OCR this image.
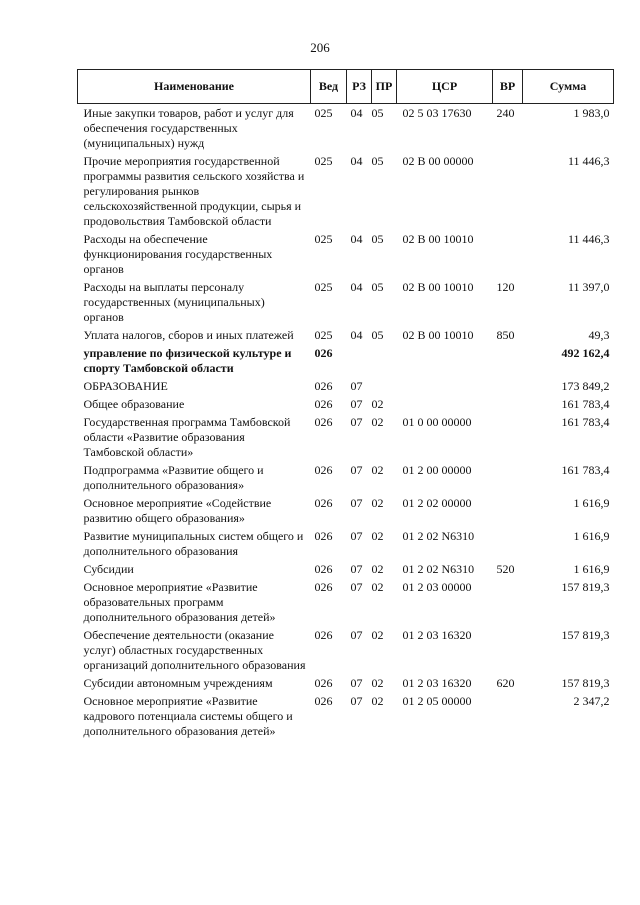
206
Наименование	Вед	РЗ	ПР	ЦСР	ВР	Сумма
Иные закупки товаров, работ и услуг для обеспечения государственных (муниципальных) нужд	025	04	05	02 5 03 17630	240	1 983,0
Прочие мероприятия государственной программы развития сельского хозяйства и регулирования рынков сельскохозяйственной продукции, сырья и продовольствия Тамбовской области	025	04	05	02 В 00 00000		11 446,3
Расходы на обеспечение функционирования государственных органов	025	04	05	02 В 00 10010		11 446,3
Расходы на выплаты персоналу государственных (муниципальных) органов	025	04	05	02 В 00 10010	120	11 397,0
Уплата налогов, сборов и иных платежей	025	04	05	02 В 00 10010	850	49,3
управление по физической культуре и спорту Тамбовской области	026					492 162,4
ОБРАЗОВАНИЕ	026	07				173 849,2
Общее образование	026	07	02			161 783,4
Государственная программа Тамбовской области «Развитие образования Тамбовской области»	026	07	02	01 0 00 00000		161 783,4
Подпрограмма «Развитие общего и дополнительного образования»	026	07	02	01 2 00 00000		161 783,4
Основное мероприятие «Содействие развитию общего образования»	026	07	02	01 2 02 00000		1 616,9
Развитие муниципальных систем общего и дополнительного образования	026	07	02	01 2 02 N6310		1 616,9
Субсидии	026	07	02	01 2 02 N6310	520	1 616,9
Основное мероприятие «Развитие образовательных программ дополнительного образования детей»	026	07	02	01 2 03 00000		157 819,3
Обеспечение деятельности (оказание услуг) областных государственных организаций дополнительного образования	026	07	02	01 2 03 16320		157 819,3
Субсидии автономным учреждениям	026	07	02	01 2 03 16320	620	157 819,3
Основное мероприятие «Развитие кадрового потенциала системы общего и дополнительного образования детей»	026	07	02	01 2 05 00000		2 347,2
